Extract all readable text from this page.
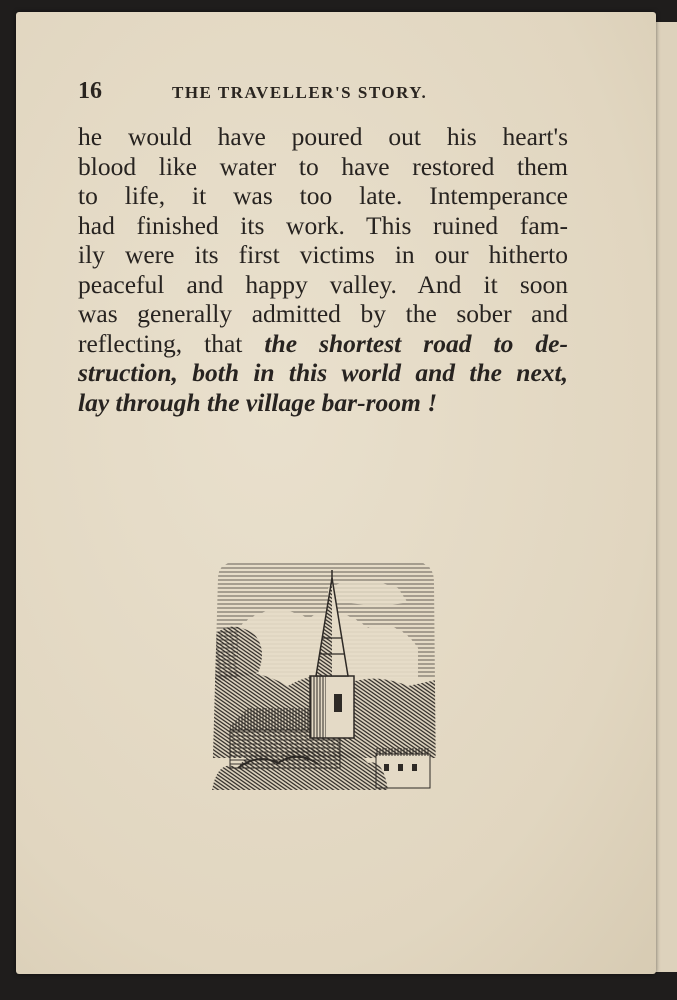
16	THE TRAVELLER'S STORY.
he would have poured out his heart's
blood like water to have restored them
to life, it was too late. Intemperance
had finished its work. This ruined fam-
ily were its first victims in our hitherto
peaceful and happy valley. And it soon
was generally admitted by the sober and
reflecting, that the shortest road to de-
struction, both in this world and the next,
lay through the village bar-room !
